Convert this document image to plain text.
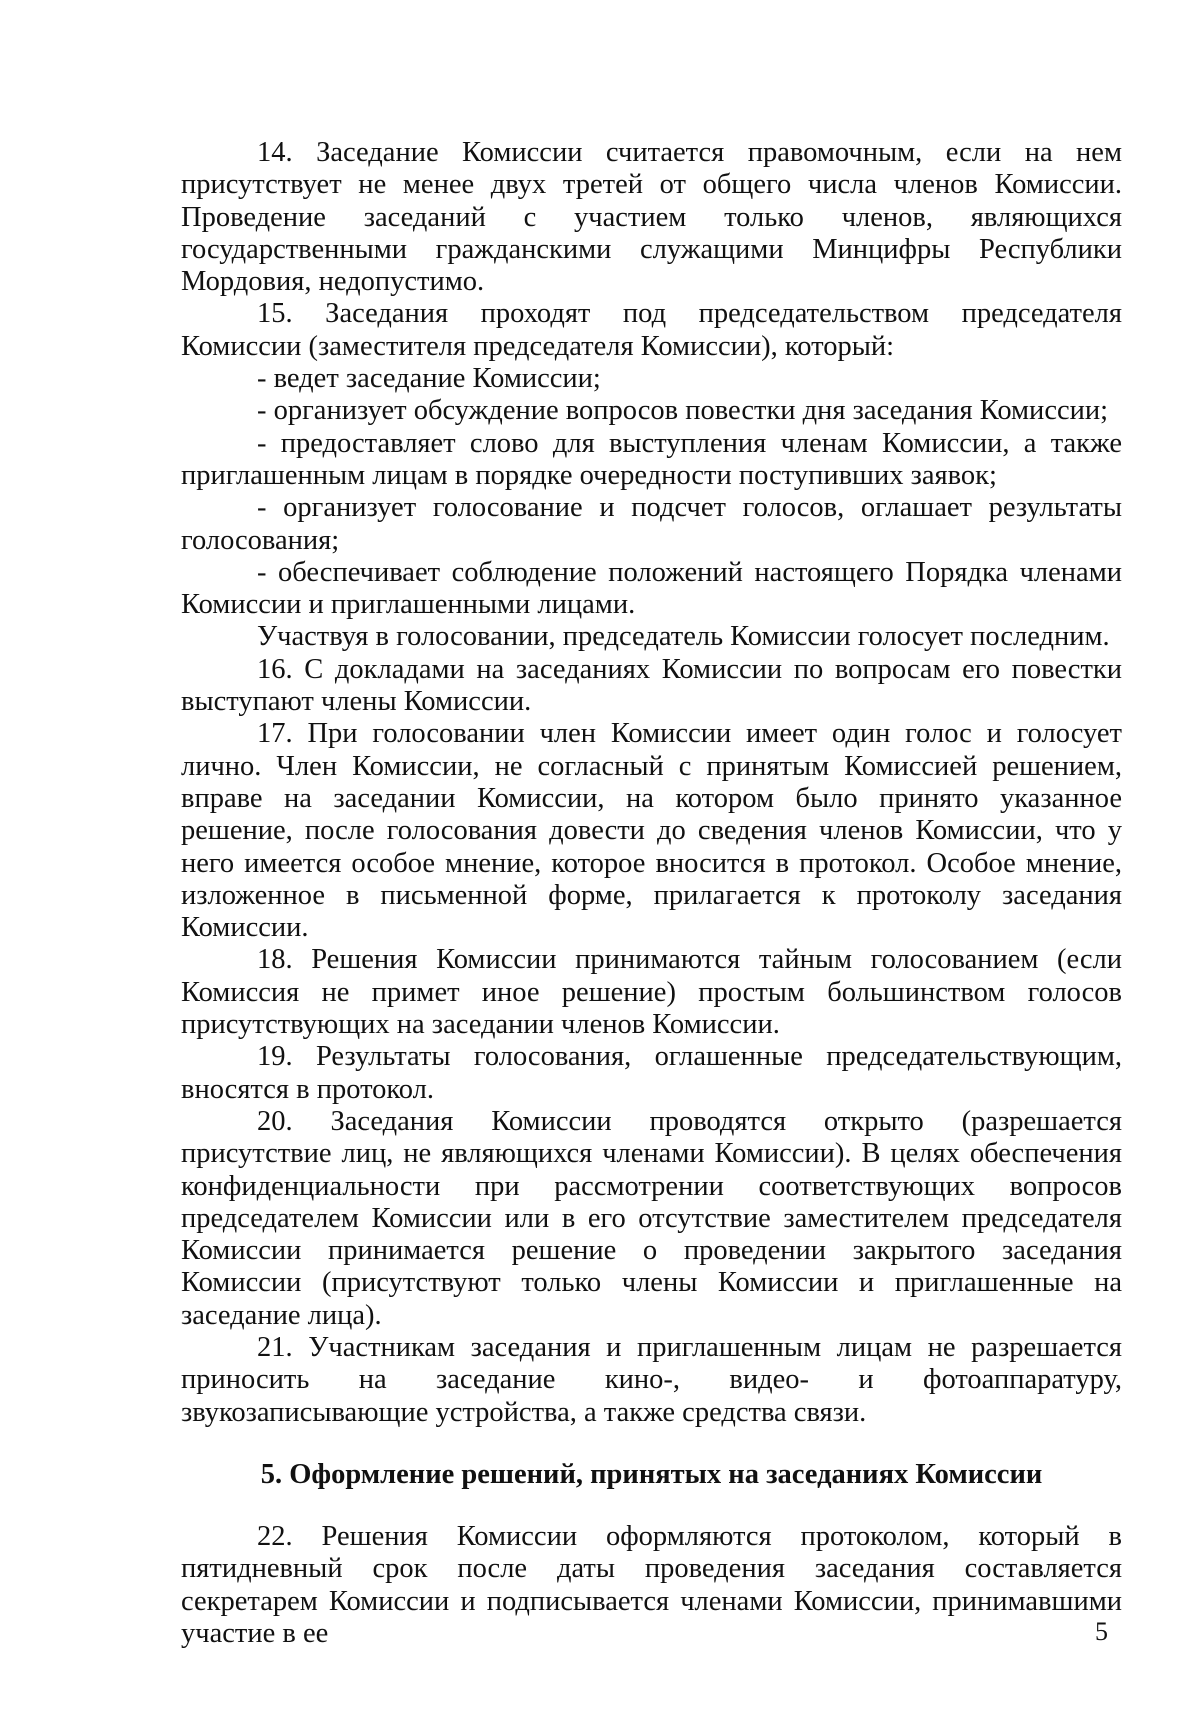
14. Заседание Комиссии считается правомочным, если на нем присутствует не менее двух третей от общего числа членов Комиссии. Проведение заседаний с участием только членов, являющихся государственными гражданскими служащими Минцифры Республики Мордовия, недопустимо.

15. Заседания проходят под председательством председателя Комиссии (заместителя председателя Комиссии), который:

- ведет заседание Комиссии;

- организует обсуждение вопросов повестки дня заседания Комиссии;

- предоставляет слово для выступления членам Комиссии, а также приглашенным лицам в порядке очередности поступивших заявок;

- организует голосование и подсчет голосов, оглашает результаты голосования;

- обеспечивает соблюдение положений настоящего Порядка членами Комиссии и приглашенными лицами.

Участвуя в голосовании, председатель Комиссии голосует последним.

16. С докладами на заседаниях Комиссии по вопросам его повестки выступают члены Комиссии.

17. При голосовании член Комиссии имеет один голос и голосует лично. Член Комиссии, не согласный с принятым Комиссией решением, вправе на заседании Комиссии, на котором было принято указанное решение, после голосования довести до сведения членов Комиссии, что у него имеется особое мнение, которое вносится в протокол. Особое мнение, изложенное в письменной форме, прилагается к протоколу заседания Комиссии.

18. Решения Комиссии принимаются тайным голосованием (если Комиссия не примет иное решение) простым большинством голосов присутствующих на заседании членов Комиссии.

19. Результаты голосования, оглашенные председательствующим, вносятся в протокол.

20. Заседания Комиссии проводятся открыто (разрешается присутствие лиц, не являющихся членами Комиссии). В целях обеспечения конфиденциальности при рассмотрении соответствующих вопросов председателем Комиссии или в его отсутствие заместителем председателя Комиссии принимается решение о проведении закрытого заседания Комиссии (присутствуют только члены Комиссии и приглашенные на заседание лица).

21. Участникам заседания и приглашенным лицам не разрешается приносить на заседание кино-, видео- и фотоаппаратуру, звукозаписывающие устройства, а также средства связи.

5. Оформление решений, принятых на заседаниях Комиссии

22. Решения Комиссии оформляются протоколом, который в пятидневный срок после даты проведения заседания составляется секретарем Комиссии и подписывается членами Комиссии, принимавшими участие в ее	5
